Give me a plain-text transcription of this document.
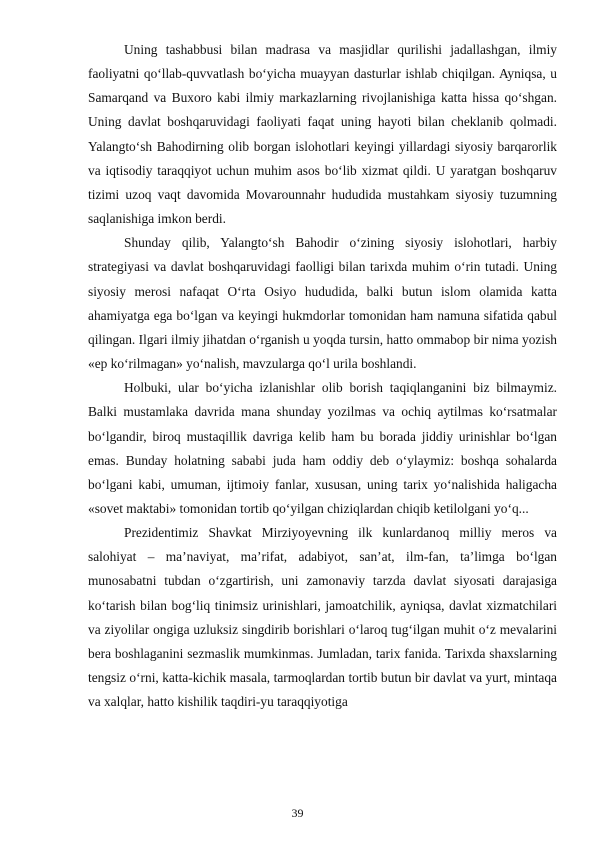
Uning tashabbusi bilan madrasa va masjidlar qurilishi jadallashgan, ilmiy faoliyatni qo‘llab-quvvatlash bo‘yicha muayyan dasturlar ishlab chiqilgan. Ayniqsa, u Samarqand va Buxoro kabi ilmiy markazlarning rivojlanishiga katta hissa qo‘shgan. Uning davlat boshqaruvidagi faoliyati faqat uning hayoti bilan cheklanib qolmadi. Yalangto‘sh Bahodirning olib borgan islohotlari keyingi yillardagi siyosiy barqarorlik va iqtisodiy taraqqiyot uchun muhim asos bo‘lib xizmat qildi. U yaratgan boshqaruv tizimi uzoq vaqt davomida Movarounnahr hududida mustahkam siyosiy tuzumning saqlanishiga imkon berdi.

Shunday qilib, Yalangto‘sh Bahodir o‘zining siyosiy islohotlari, harbiy strategiyasi va davlat boshqaruvidagi faolligi bilan tarixda muhim o‘rin tutadi. Uning siyosiy merosi nafaqat O‘rta Osiyo hududida, balki butun islom olamida katta ahamiyatga ega bo‘lgan va keyingi hukmdorlar tomonidan ham namuna sifatida qabul qilingan. Ilgari ilmiy jihatdan o‘rganish u yoqda tursin, hatto ommabop bir nima yozish «ep ko‘rilmagan» yo‘nalish, mavzularga qo‘l urila boshlandi.

Holbuki, ular bo‘yicha izlanishlar olib borish taqiqlanganini biz bilmaymiz. Balki mustamlaka davrida mana shunday yozilmas va ochiq aytilmas ko‘rsatmalar bo‘lgandir, biroq mustaqillik davriga kelib ham bu borada jiddiy urinishlar bo‘lgan emas. Bunday holatning sababi juda ham oddiy deb o‘ylaymiz: boshqa sohalarda bo‘lgani kabi, umuman, ijtimoiy fanlar, xususan, uning tarix yo‘nalishida haligacha «sovet maktabi» tomonidan tortib qo‘yilgan chiziqlardan chiqib ketilolgani yo‘q...

Prezidentimiz Shavkat Mirziyoyevning ilk kunlardanoq milliy meros va salohiyat – ma’naviyat, ma’rifat, adabiyot, san’at, ilm-fan, ta’limga bo‘lgan munosabatni tubdan o‘zgartirish, uni zamonaviy tarzda davlat siyosati darajasiga ko‘tarish bilan bog‘liq tinimsiz urinishlari, jamoatchilik, ayniqsa, davlat xizmatchilari va ziyolilar ongiga uzluksiz singdirib borishlari o‘laroq tug‘ilgan muhit o‘z mevalarini bera boshlaganini sezmaslik mumkinmas. Jumladan, tarix fanida. Tarixda shaxslarning tengsiz o‘rni, katta-kichik masala, tarmoqlardan tortib butun bir davlat va yurt, mintaqa va xalqlar, hatto kishilik taqdiri-yu taraqqiyotiga

39
